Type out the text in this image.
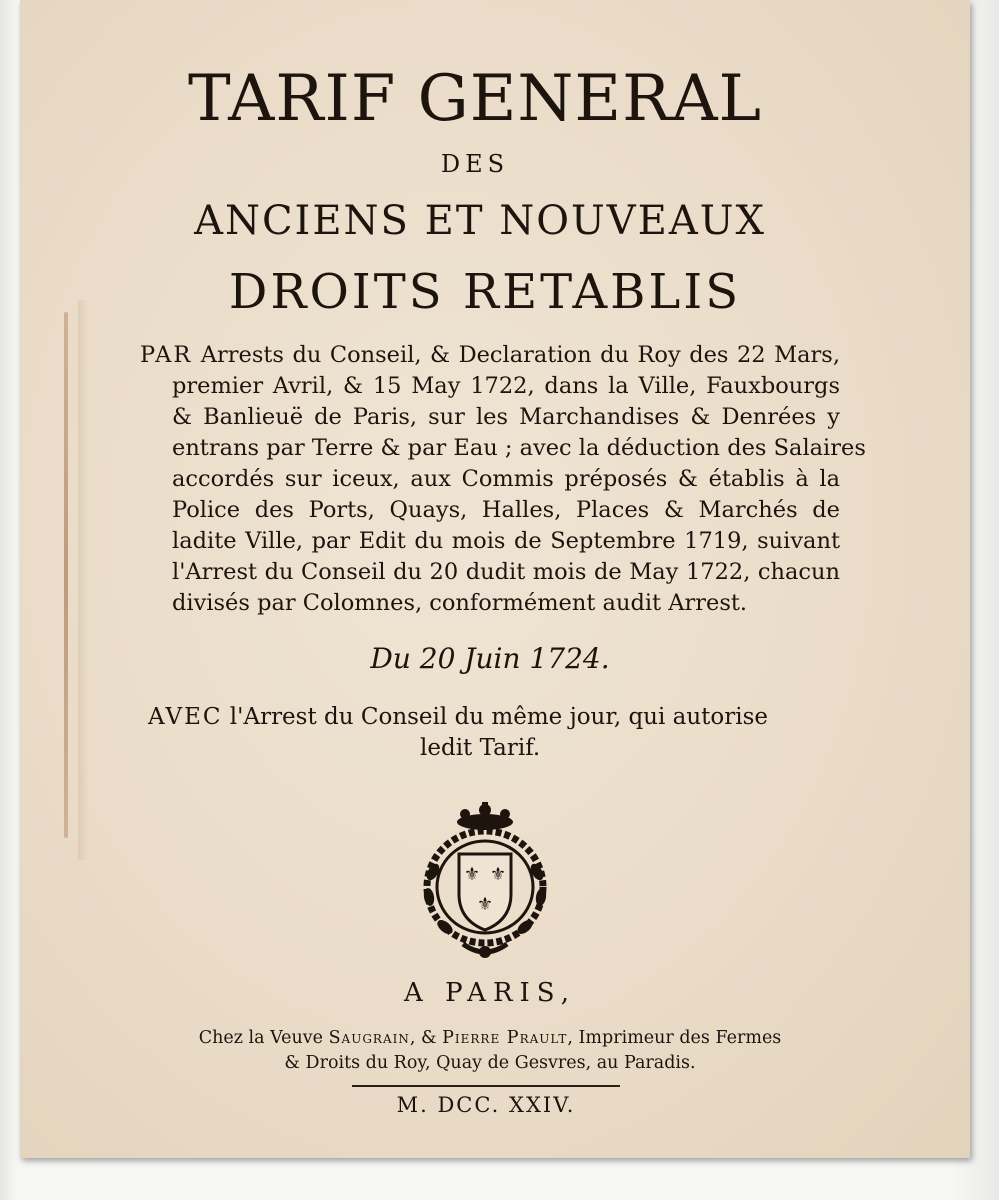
TARIF GENERAL
DES
ANCIENS ET NOUVEAUX
DROITS RETABLIS
PAR Arrests du Conseil, & Declaration du Roy des 22 Mars,
premier Avril, & 15 May 1722, dans la Ville, Fauxbourgs
& Banlieuë de Paris, sur les Marchandises & Denrées y
entrans par Terre & par Eau ; avec la déduction des Salaires
accordés sur iceux, aux Commis préposés & établis à la
Police des Ports, Quays, Halles, Places & Marchés de
ladite Ville, par Edit du mois de Septembre 1719, suivant
l'Arrest du Conseil du 20 dudit mois de May 1722, chacun
divisés par Colomnes, conformément audit Arrest.
Du 20 Juin 1724.
AVEC l'Arrest du Conseil du même jour, qui autorise
ledit Tarif.
⚜ ⚜
⚜
A PARIS,
Chez la Veuve Saugrain, & Pierre Prault, Imprimeur des Fermes
& Droits du Roy, Quay de Gesvres, au Paradis.
M. DCC. XXIV.
